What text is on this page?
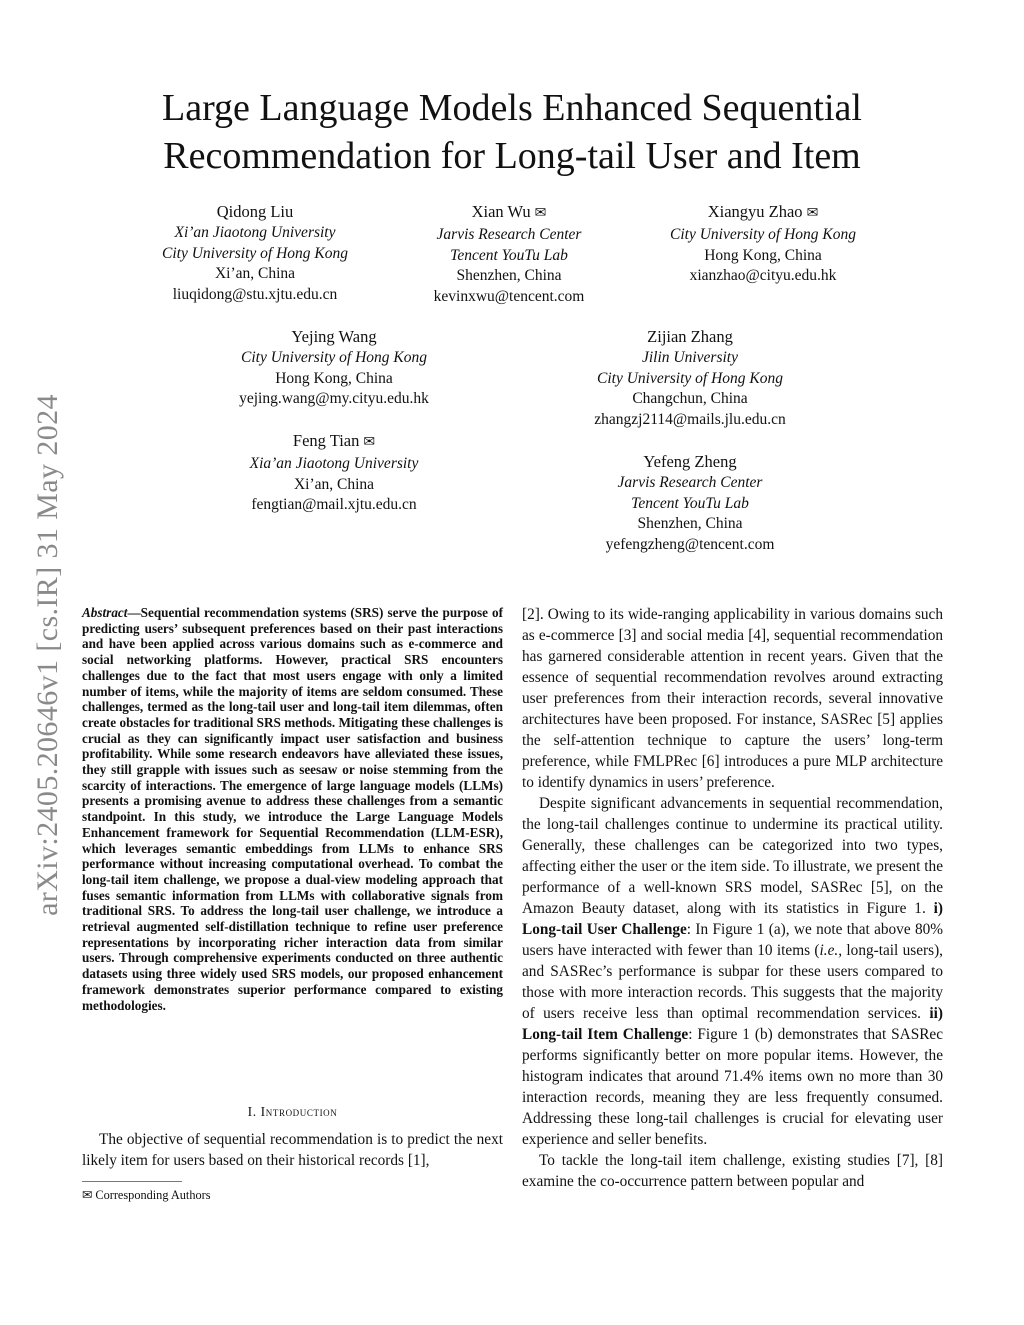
arXiv:2405.20646v1 [cs.IR] 31 May 2024
Large Language Models Enhanced Sequential
Recommendation for Long-tail User and Item
Qidong Liu
Xi’an Jiaotong University
City University of Hong Kong
Xi’an, China
liuqidong@stu.xjtu.edu.cn
Xian Wu ✉
Jarvis Research Center
Tencent YouTu Lab
Shenzhen, China
kevinxwu@tencent.com
Xiangyu Zhao ✉
City University of Hong Kong
Hong Kong, China
xianzhao@cityu.edu.hk
Yejing Wang
City University of Hong Kong
Hong Kong, China
yejing.wang@my.cityu.edu.hk
Zijian Zhang
Jilin University
City University of Hong Kong
Changchun, China
zhangzj2114@mails.jlu.edu.cn
Feng Tian ✉
Xia’an Jiaotong University
Xi’an, China
fengtian@mail.xjtu.edu.cn
Yefeng Zheng
Jarvis Research Center
Tencent YouTu Lab
Shenzhen, China
yefengzheng@tencent.com
Abstract—Sequential recommendation systems (SRS) serve the purpose of predicting users’ subsequent preferences based on their past interactions and have been applied across various domains such as e-commerce and social networking platforms. However, practical SRS encounters challenges due to the fact that most users engage with only a limited number of items, while the majority of items are seldom consumed. These challenges, termed as the long-tail user and long-tail item dilemmas, often create obstacles for traditional SRS methods. Mitigating these challenges is crucial as they can significantly impact user satisfaction and business profitability. While some research endeavors have alleviated these issues, they still grapple with issues such as seesaw or noise stemming from the scarcity of interactions. The emergence of large language models (LLMs) presents a promising avenue to address these challenges from a semantic standpoint. In this study, we introduce the Large Language Models Enhancement framework for Sequential Recommendation (LLM-ESR), which leverages semantic embeddings from LLMs to enhance SRS performance without increasing computational overhead. To combat the long-tail item challenge, we propose a dual-view modeling approach that fuses semantic information from LLMs with collaborative signals from traditional SRS. To address the long-tail user challenge, we introduce a retrieval augmented self-distillation technique to refine user preference representations by incorporating richer interaction data from similar users. Through comprehensive experiments conducted on three authentic datasets using three widely used SRS models, our proposed enhancement framework demonstrates superior performance compared to existing methodologies.
I. Introduction

The objective of sequential recommendation is to predict the next likely item for users based on their historical records [1],

✉ Corresponding Authors

[2]. Owing to its wide-ranging applicability in various domains such as e-commerce [3] and social media [4], sequential recommendation has garnered considerable attention in recent years. Given that the essence of sequential recommendation revolves around extracting user preferences from their interaction records, several innovative architectures have been proposed. For instance, SASRec [5] applies the self-attention technique to capture the users’ long-term preference, while FMLPRec [6] introduces a pure MLP architecture to identify dynamics in users’ preference.

Despite significant advancements in sequential recommendation, the long-tail challenges continue to undermine its practical utility. Generally, these challenges can be categorized into two types, affecting either the user or the item side. To illustrate, we present the performance of a well-known SRS model, SASRec [5], on the Amazon Beauty dataset, along with its statistics in Figure 1. i) Long-tail User Challenge: In Figure 1 (a), we note that above 80% users have interacted with fewer than 10 items (i.e., long-tail users), and SASRec’s performance is subpar for these users compared to those with more interaction records. This suggests that the majority of users receive less than optimal recommendation services. ii) Long-tail Item Challenge: Figure 1 (b) demonstrates that SASRec performs significantly better on more popular items. However, the histogram indicates that around 71.4% items own no more than 30 interaction records, meaning they are less frequently consumed. Addressing these long-tail challenges is crucial for elevating user experience and seller benefits.

To tackle the long-tail item challenge, existing studies [7], [8] examine the co-occurrence pattern between popular and
